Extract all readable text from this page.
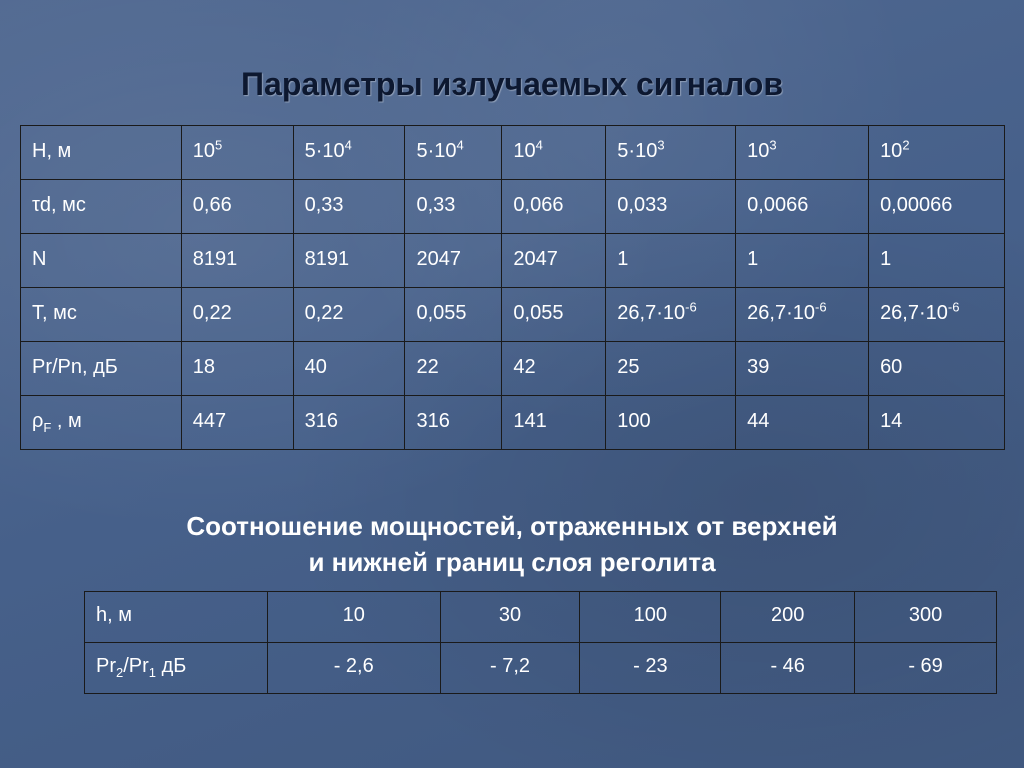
Параметры излучаемых сигналов
H, м	$10^5$	$5\cdot 10^4$	$5\cdot 10^4$	$10^4$	$5\cdot 10^3$	$10^3$	$10^2$
τd, мс	0,66	0,33	0,33	0,066	0,033	0,0066	0,00066
N	8191	8191	2047	2047	1	1	1
T, мс	0,22	0,22	0,055	0,055	$26,7\cdot 10^{-6}$	$26,7\cdot 10^{-6}$	$26,7\cdot 10^{-6}$
Pr/Pn, дБ	18	40	22	42	25	39	60
$\rho_F$ , м	447	316	316	141	100	44	14
Соотношение мощностей, отраженных от верхней
и нижней границ слоя реголита
h, м	10	30	100	200	300
$Pr_2/Pr_1$ дБ	- 2,6	- 7,2	- 23	- 46	- 69
